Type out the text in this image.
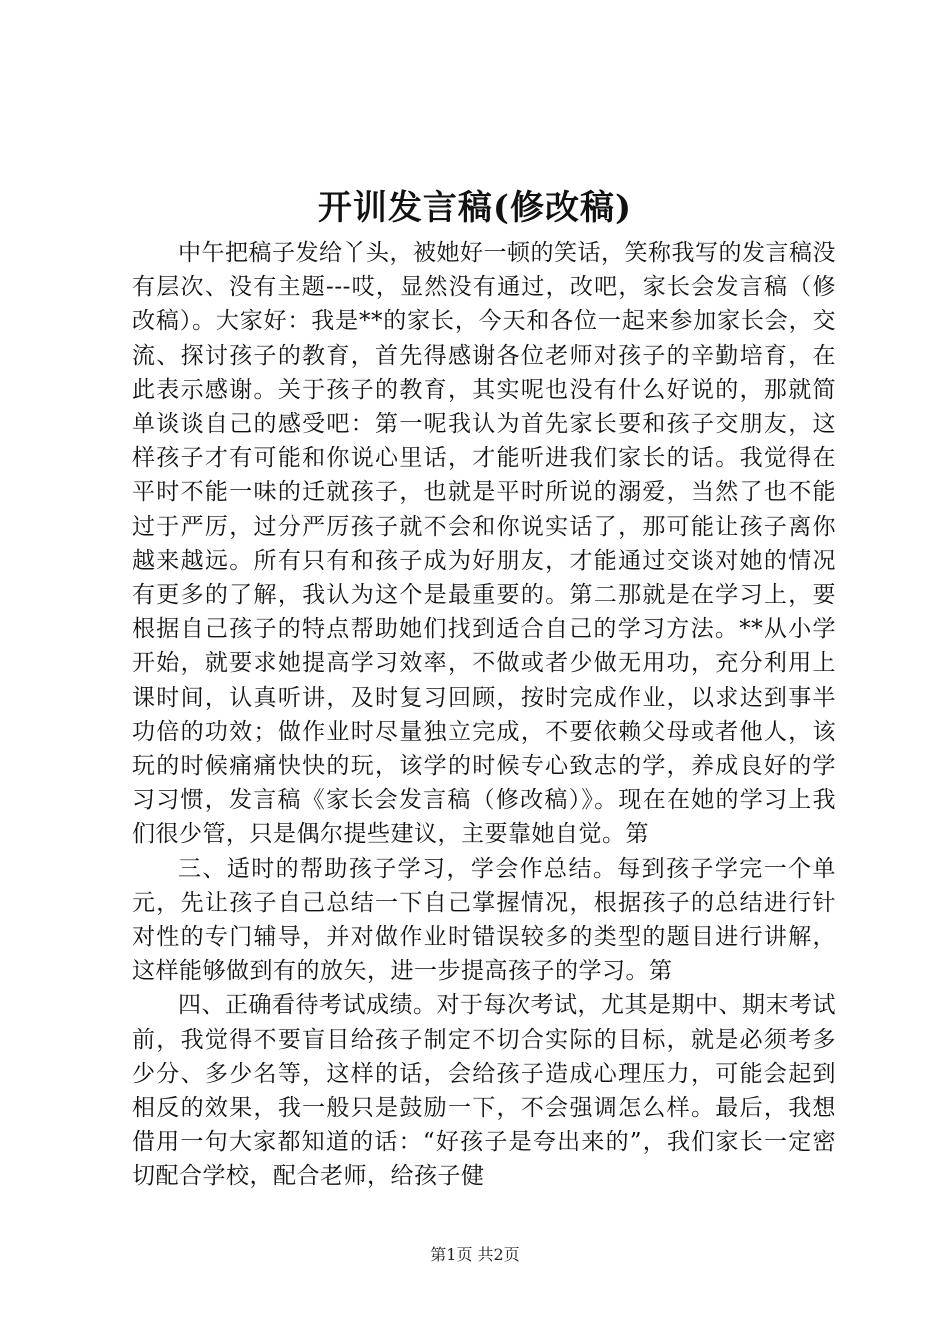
开训发言稿(修改稿)

中午把稿子发给丫头，被她好一顿的笑话，笑称我写的发言稿没有层次、没有主题---哎，显然没有通过，改吧，家长会发言稿（修改稿）。大家好：我是**的家长，今天和各位一起来参加家长会，交流、探讨孩子的教育，首先得感谢各位老师对孩子的辛勤培育，在此表示感谢。关于孩子的教育，其实呢也没有什么好说的，那就简单谈谈自己的感受吧：第一呢我认为首先家长要和孩子交朋友，这样孩子才有可能和你说心里话，才能听进我们家长的话。我觉得在平时不能一味的迁就孩子，也就是平时所说的溺爱，当然了也不能过于严厉，过分严厉孩子就不会和你说实话了，那可能让孩子离你越来越远。所有只有和孩子成为好朋友，才能通过交谈对她的情况有更多的了解，我认为这个是最重要的。第二那就是在学习上，要根据自己孩子的特点帮助她们找到适合自己的学习方法。**从小学开始，就要求她提高学习效率，不做或者少做无用功，充分利用上课时间，认真听讲，及时复习回顾，按时完成作业，以求达到事半功倍的功效；做作业时尽量独立完成，不要依赖父母或者他人，该玩的时候痛痛快快的玩，该学的时候专心致志的学，养成良好的学习习惯，发言稿《家长会发言稿（修改稿）》。现在在她的学习上我们很少管，只是偶尔提些建议，主要靠她自觉。第

三、适时的帮助孩子学习，学会作总结。每到孩子学完一个单元，先让孩子自己总结一下自己掌握情况，根据孩子的总结进行针对性的专门辅导，并对做作业时错误较多的类型的题目进行讲解，这样能够做到有的放矢，进一步提高孩子的学习。第

四、正确看待考试成绩。对于每次考试，尤其是期中、期末考试前，我觉得不要盲目给孩子制定不切合实际的目标，就是必须考多少分、多少名等，这样的话，会给孩子造成心理压力，可能会起到相反的效果，我一般只是鼓励一下，不会强调怎么样。最后，我想借用一句大家都知道的话：“好孩子是夸出来的”，我们家长一定密切配合学校，配合老师，给孩子健

第1页 共2页
